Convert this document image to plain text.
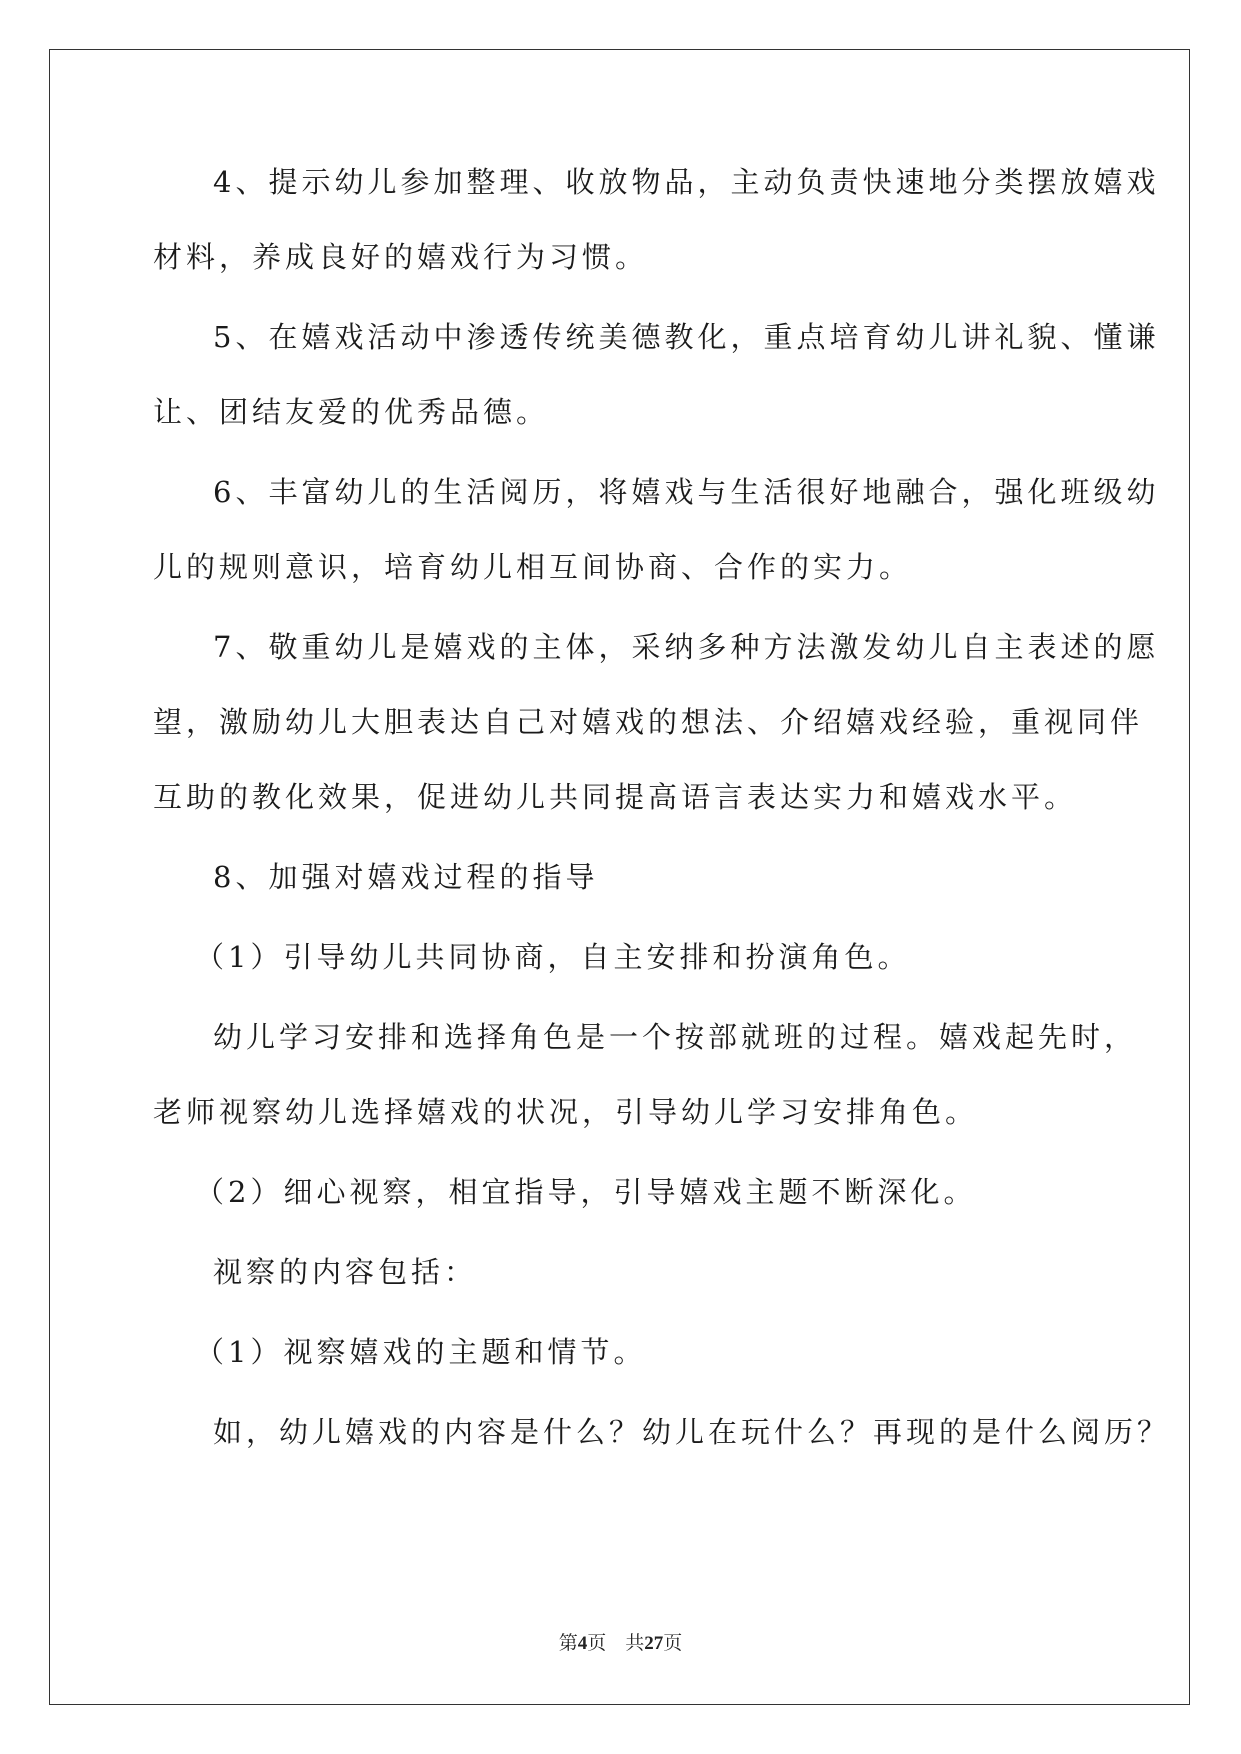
4、提示幼儿参加整理、收放物品，主动负责快速地分类摆放嬉戏
材料，养成良好的嬉戏行为习惯。
5、在嬉戏活动中渗透传统美德教化，重点培育幼儿讲礼貌、懂谦
让、团结友爱的优秀品德。
6、丰富幼儿的生活阅历，将嬉戏与生活很好地融合，强化班级幼
儿的规则意识，培育幼儿相互间协商、合作的实力。
7、敬重幼儿是嬉戏的主体，采纳多种方法激发幼儿自主表述的愿
望，激励幼儿大胆表达自己对嬉戏的想法、介绍嬉戏经验，重视同伴
互助的教化效果，促进幼儿共同提高语言表达实力和嬉戏水平。
8、加强对嬉戏过程的指导
（1）引导幼儿共同协商，自主安排和扮演角色。
幼儿学习安排和选择角色是一个按部就班的过程。嬉戏起先时，
老师视察幼儿选择嬉戏的状况，引导幼儿学习安排角色。
（2）细心视察，相宜指导，引导嬉戏主题不断深化。
视察的内容包括：
（1）视察嬉戏的主题和情节。
如，幼儿嬉戏的内容是什么？幼儿在玩什么？再现的是什么阅历？
第4页 共27页
